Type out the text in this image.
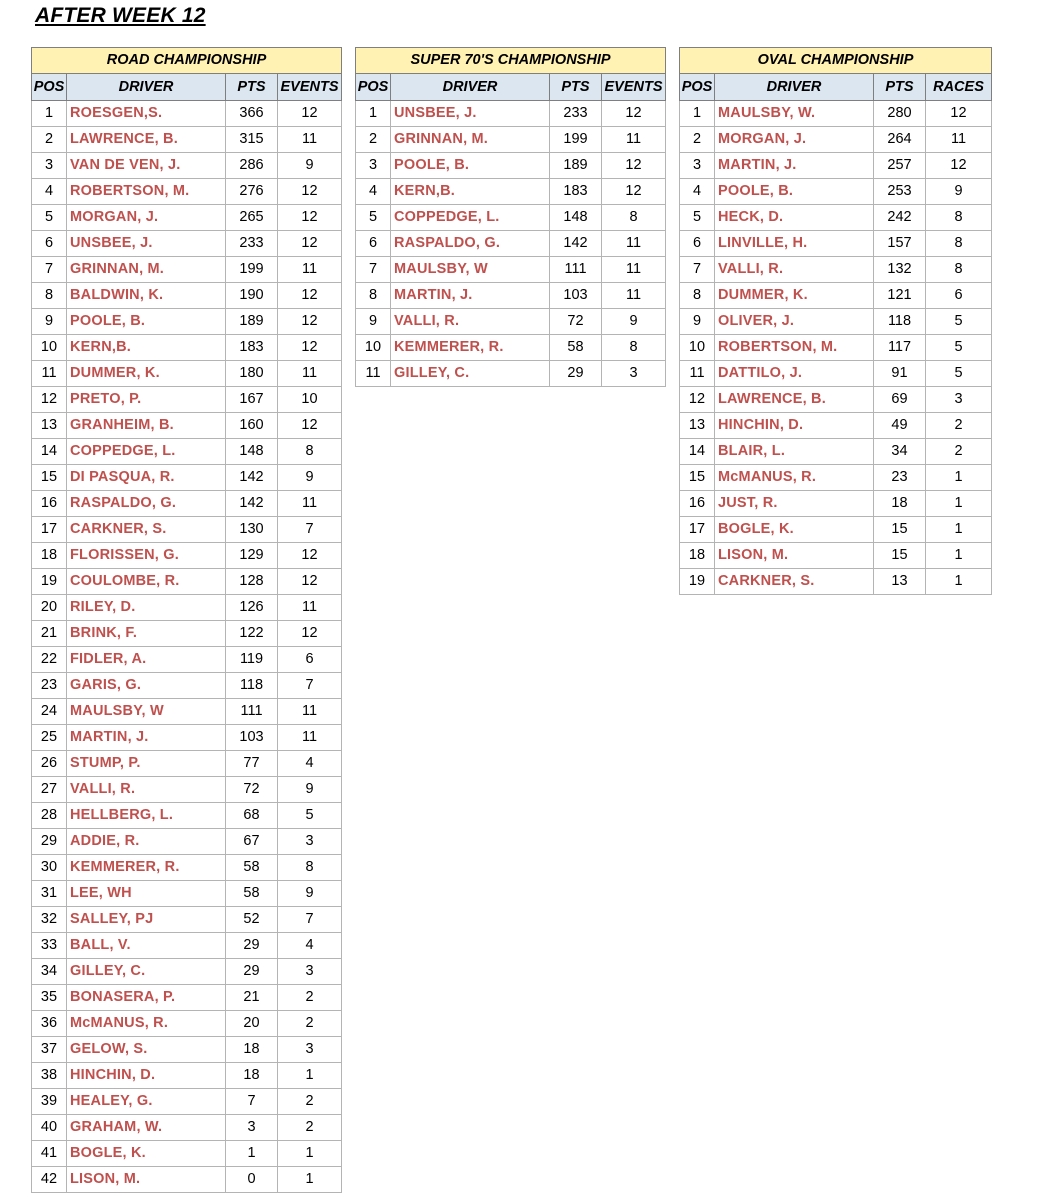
AFTER WEEK 12
ROAD CHAMPIONSHIP			
POS	DRIVER	PTS	EVENTS
1	ROESGEN,S.	366	12
2	LAWRENCE, B.	315	11
3	VAN DE VEN, J.	286	9
4	ROBERTSON, M.	276	12
5	MORGAN, J.	265	12
6	UNSBEE, J.	233	12
7	GRINNAN, M.	199	11
8	BALDWIN, K.	190	12
9	POOLE, B.	189	12
10	KERN,B.	183	12
11	DUMMER, K.	180	11
12	PRETO, P.	167	10
13	GRANHEIM, B.	160	12
14	COPPEDGE, L.	148	8
15	DI PASQUA, R.	142	9
16	RASPALDO, G.	142	11
17	CARKNER, S.	130	7
18	FLORISSEN, G.	129	12
19	COULOMBE, R.	128	12
20	RILEY, D.	126	11
21	BRINK, F.	122	12
22	FIDLER, A.	119	6
23	GARIS, G.	118	7
24	MAULSBY, W	111	11
25	MARTIN, J.	103	11
26	STUMP, P.	77	4
27	VALLI, R.	72	9
28	HELLBERG, L.	68	5
29	ADDIE, R.	67	3
30	KEMMERER, R.	58	8
31	LEE, WH	58	9
32	SALLEY, PJ	52	7
33	BALL, V.	29	4
34	GILLEY, C.	29	3
35	BONASERA, P.	21	2
36	McMANUS, R.	20	2
37	GELOW, S.	18	3
38	HINCHIN, D.	18	1
39	HEALEY, G.	7	2
40	GRAHAM, W.	3	2
41	BOGLE, K.	1	1
42	LISON, M.	0	1
SUPER 70'S CHAMPIONSHIP			
POS	DRIVER	PTS	EVENTS
1	UNSBEE, J.	233	12
2	GRINNAN, M.	199	11
3	POOLE, B.	189	12
4	KERN,B.	183	12
5	COPPEDGE, L.	148	8
6	RASPALDO, G.	142	11
7	MAULSBY, W	111	11
8	MARTIN, J.	103	11
9	VALLI, R.	72	9
10	KEMMERER, R.	58	8
11	GILLEY, C.	29	3
OVAL CHAMPIONSHIP			
POS	DRIVER	PTS	RACES
1	MAULSBY, W.	280	12
2	MORGAN, J.	264	11
3	MARTIN, J.	257	12
4	POOLE, B.	253	9
5	HECK, D.	242	8
6	LINVILLE, H.	157	8
7	VALLI, R.	132	8
8	DUMMER, K.	121	6
9	OLIVER, J.	118	5
10	ROBERTSON, M.	117	5
11	DATTILO, J.	91	5
12	LAWRENCE, B.	69	3
13	HINCHIN, D.	49	2
14	BLAIR, L.	34	2
15	McMANUS, R.	23	1
16	JUST, R.	18	1
17	BOGLE, K.	15	1
18	LISON, M.	15	1
19	CARKNER, S.	13	1
